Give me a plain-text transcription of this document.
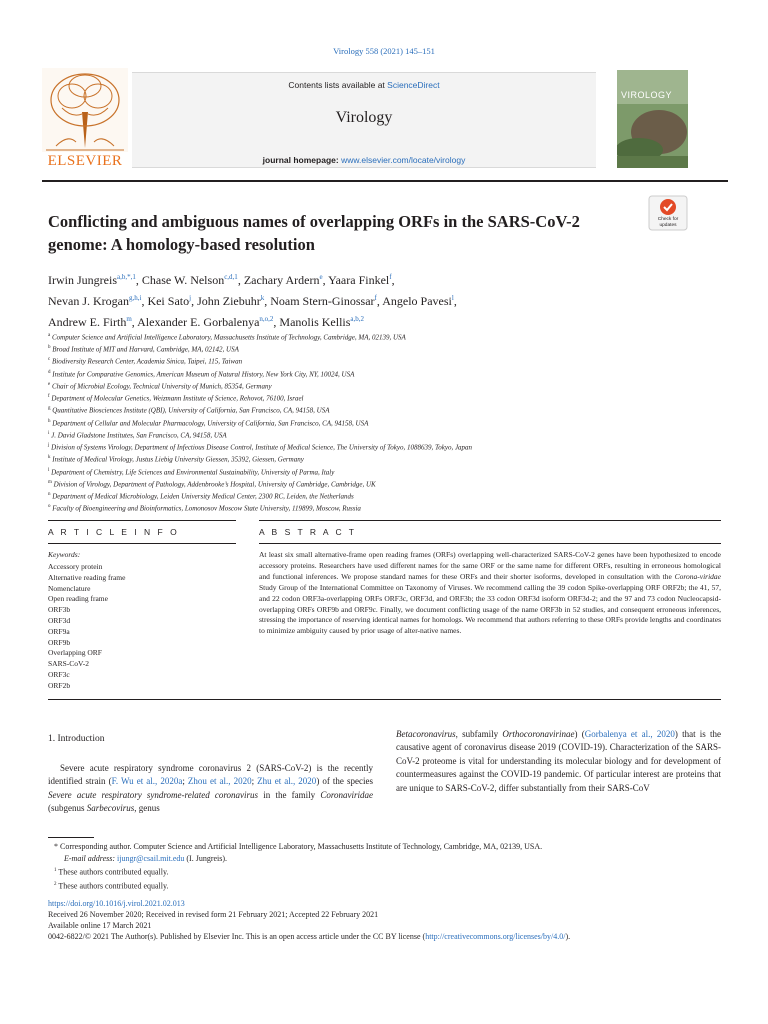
Virology 558 (2021) 145–151
ELSEVIER
Contents lists available at ScienceDirect
Virology
journal homepage: www.elsevier.com/locate/virology
VIROLOGY
Conflicting and ambiguous names of overlapping ORFs in the SARS-CoV-2
genome: A homology-based resolution
Check for updates
Irwin Jungreis$^{a,b,*,1}$, Chase W. Nelson$^{c,d,1}$, Zachary Ardern$^e$, Yaara Finkel$^f$,
Nevan J. Krogan$^{g,h,i}$, Kei Sato$^j$, John Ziebuhr$^k$, Noam Stern-Ginossar$^f$, Angelo Pavesi$^l$,
Andrew E. Firth$^m$, Alexander E. Gorbalenya$^{n,o,2}$, Manolis Kellis$^{a,b,2}$
$^a$ Computer Science and Artificial Intelligence Laboratory, Massachusetts Institute of Technology, Cambridge, MA, 02139, USA
$^b$ Broad Institute of MIT and Harvard, Cambridge, MA, 02142, USA
$^c$ Biodiversity Research Center, Academia Sinica, Taipei, 115, Taiwan
$^d$ Institute for Comparative Genomics, American Museum of Natural History, New York City, NY, 10024, USA
$^e$ Chair of Microbial Ecology, Technical University of Munich, 85354, Germany
$^f$ Department of Molecular Genetics, Weizmann Institute of Science, Rehovot, 76100, Israel
$^g$ Quantitative Biosciences Institute (QBI), University of California, San Francisco, CA, 94158, USA
$^h$ Department of Cellular and Molecular Pharmacology, University of California, San Francisco, CA, 94158, USA
$^i$ J. David Gladstone Institutes, San Francisco, CA, 94158, USA
$^j$ Division of Systems Virology, Department of Infectious Disease Control, Institute of Medical Science, The University of Tokyo, 1088639, Tokyo, Japan
$^k$ Institute of Medical Virology, Justus Liebig University Giessen, 35392, Giessen, Germany
$^l$ Department of Chemistry, Life Sciences and Environmental Sustainability, University of Parma, Italy
$^m$ Division of Virology, Department of Pathology, Addenbrooke’s Hospital, University of Cambridge, Cambridge, UK
$^n$ Department of Medical Microbiology, Leiden University Medical Center, 2300 RC, Leiden, the Netherlands
$^o$ Faculty of Bioengineering and Bioinformatics, Lomonosov Moscow State University, 119899, Moscow, Russia
A R T I C L E I N F O	A B S T R A C T
Keywords:
Accessory protein
Alternative reading frame
Nomenclature
Open reading frame
ORF3b
ORF3d
ORF9a
ORF9b
Overlapping ORF
SARS-CoV-2
ORF3c
ORF2b
At least six small alternative-frame open reading frames (ORFs) overlapping well-characterized SARS-CoV-2 genes have been hypothesized to encode accessory proteins. Researchers have used different names for the same ORF or the same name for different ORFs, resulting in erroneous homological and functional inferences. We propose standard names for these ORFs and their shorter isoforms, developed in consultation with the Corona-viridae Study Group of the International Committee on Taxonomy of Viruses. We recommend calling the 39 codon Spike-overlapping ORF ORF2b; the 41, 57, and 22 codon ORF3a-overlapping ORFs ORF3c, ORF3d, and ORF3b; the 33 codon ORF3d isoform ORF3d-2; and the 97 and 73 codon Nucleocapsid-overlapping ORFs ORF9b and ORF9c. Finally, we document conflicting usage of the name ORF3b in 52 studies, and consequent erroneous inferences, stressing the importance of reserving identical names for homologs. We recommend that authors referring to these ORFs provide lengths and coordinates to minimize ambiguity caused by prior usage of alter-native names.
1. Introduction
Severe acute respiratory syndrome coronavirus 2 (SARS-CoV-2) is the recently identified strain (F. Wu et al., 2020a; Zhou et al., 2020; Zhu et al., 2020) of the species Severe acute respiratory syndrome-related coronavirus in the family Coronaviridae (subgenus Sarbecovirus, genus
Betacoronavirus, subfamily Orthocoronavirinae) (Gorbalenya et al., 2020) that is the causative agent of coronavirus disease 2019 (COVID-19). Characterization of the SARS-CoV-2 proteome is vital for understanding its molecular biology and for development of countermeasures against the COVID-19 pandemic. Of particular interest are proteins that are unique to SARS-CoV-2, differ substantially from their SARS-CoV
* Corresponding author. Computer Science and Artificial Intelligence Laboratory, Massachusetts Institute of Technology, Cambridge, MA, 02139, USA.
E-mail address: ijungr@csail.mit.edu (I. Jungreis).
$^1$ These authors contributed equally.
$^2$ These authors contributed equally.
https://doi.org/10.1016/j.virol.2021.02.013
Received 26 November 2020; Received in revised form 21 February 2021; Accepted 22 February 2021
Available online 17 March 2021
0042-6822/© 2021 The Author(s). Published by Elsevier Inc. This is an open access article under the CC BY license (http://creativecommons.org/licenses/by/4.0/).
